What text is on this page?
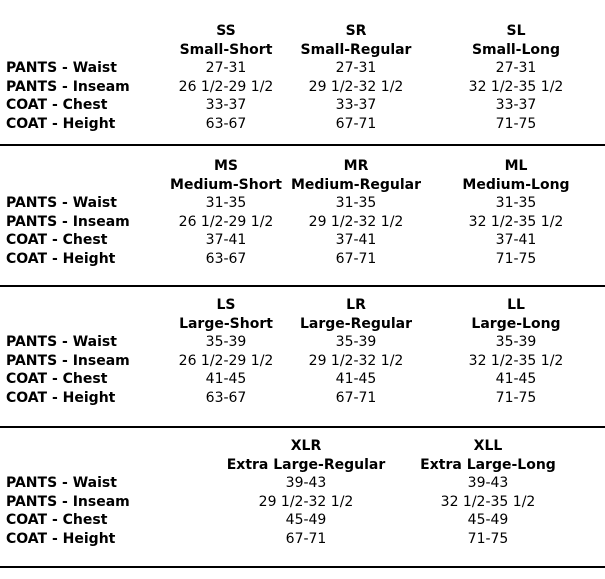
SS
Small-Short
27-31
26 1/2-29 1/2
33-37
63-67
SR
Small-Regular
27-31
29 1/2-32 1/2
33-37
67-71
SL
Small-Long
27-31
32 1/2-35 1/2
33-37
71-75
PANTS - Waist
PANTS - Inseam
COAT - Chest
COAT - Height
MS
Medium-Short
31-35
26 1/2-29 1/2
37-41
63-67
MR
Medium-Regular
31-35
29 1/2-32 1/2
37-41
67-71
ML
Medium-Long
31-35
32 1/2-35 1/2
37-41
71-75
PANTS - Waist
PANTS - Inseam
COAT - Chest
COAT - Height
LS
Large-Short
35-39
26 1/2-29 1/2
41-45
63-67
LR
Large-Regular
35-39
29 1/2-32 1/2
41-45
67-71
LL
Large-Long
35-39
32 1/2-35 1/2
41-45
71-75
PANTS - Waist
PANTS - Inseam
COAT - Chest
COAT - Height
XLR
Extra Large-Regular
39-43
29 1/2-32 1/2
45-49
67-71
XLL
Extra Large-Long
39-43
32 1/2-35 1/2
45-49
71-75
PANTS - Waist
PANTS - Inseam
COAT - Chest
COAT - Height
